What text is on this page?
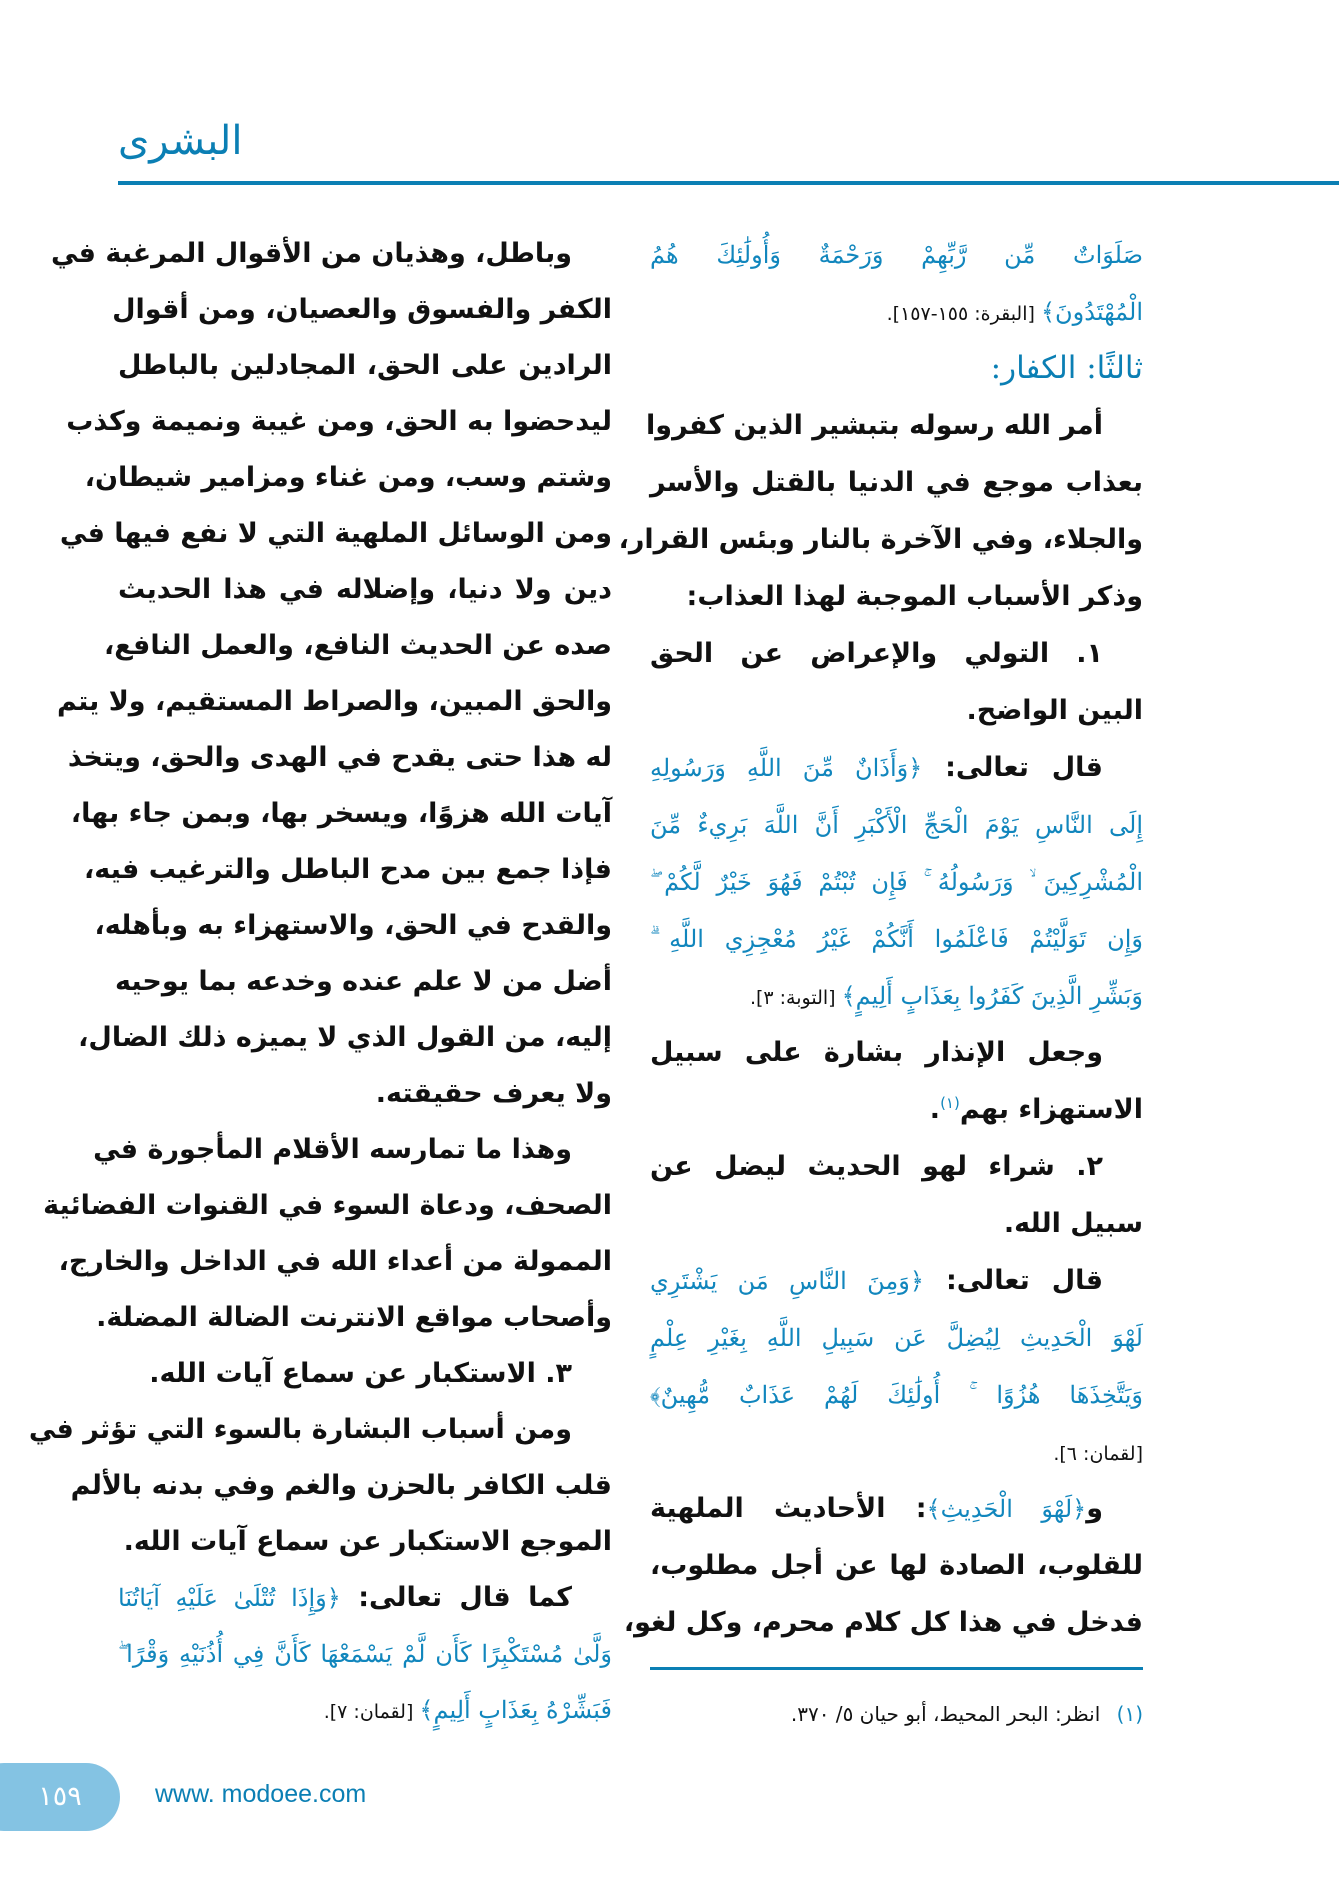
البشرى
صَلَوَاتٌ مِّن رَّبِّهِمْ وَرَحْمَةٌ وَأُولَٰئِكَ هُمُ
الْمُهْتَدُونَ﴾ [البقرة: ١٥٥-١٥٧].
ثالثًا: الكفار:
أمر الله رسوله بتبشير الذين كفروا
بعذاب موجع في الدنيا بالقتل والأسر
والجلاء، وفي الآخرة بالنار وبئس القرار،
وذكر الأسباب الموجبة لهذا العذاب:
١. التولي والإعراض عن الحق
البين الواضح.
قال تعالى: ﴿وَأَذَانٌ مِّنَ اللَّهِ وَرَسُولِهِ
إِلَى النَّاسِ يَوْمَ الْحَجِّ الْأَكْبَرِ أَنَّ اللَّهَ بَرِيءٌ مِّنَ
الْمُشْرِكِينَ ۙ وَرَسُولُهُ ۚ فَإِن تُبْتُمْ فَهُوَ خَيْرٌ لَّكُمْ ۖ
وَإِن تَوَلَّيْتُمْ فَاعْلَمُوا أَنَّكُمْ غَيْرُ مُعْجِزِي اللَّهِ ۗ
وَبَشِّرِ الَّذِينَ كَفَرُوا بِعَذَابٍ أَلِيمٍ﴾ [التوبة: ٣].
وجعل الإنذار بشارة على سبيل
الاستهزاء بهم$^{(١)}$.
٢. شراء لهو الحديث ليضل عن
سبيل الله.
قال تعالى: ﴿وَمِنَ النَّاسِ مَن يَشْتَرِي
لَهْوَ الْحَدِيثِ لِيُضِلَّ عَن سَبِيلِ اللَّهِ بِغَيْرِ عِلْمٍ
وَيَتَّخِذَهَا هُزُوًا ۚ أُولَٰئِكَ لَهُمْ عَذَابٌ مُّهِينٌ﴾
[لقمان: ٦].
و﴿لَهْوَ الْحَدِيثِ﴾: الأحاديث الملهية
للقلوب، الصادة لها عن أجل مطلوب،
فدخل في هذا كل كلام محرم، وكل لغو،
وباطل، وهذيان من الأقوال المرغبة في
الكفر والفسوق والعصيان، ومن أقوال
الرادين على الحق، المجادلين بالباطل
ليدحضوا به الحق، ومن غيبة ونميمة وكذب
وشتم وسب، ومن غناء ومزامير شيطان،
ومن الوسائل الملهية التي لا نفع فيها في
دين ولا دنيا، وإضلاله في هذا الحديث
صده عن الحديث النافع، والعمل النافع،
والحق المبين، والصراط المستقيم، ولا يتم
له هذا حتى يقدح في الهدى والحق، ويتخذ
آيات الله هزوًا، ويسخر بها، وبمن جاء بها،
فإذا جمع بين مدح الباطل والترغيب فيه،
والقدح في الحق، والاستهزاء به وبأهله،
أضل من لا علم عنده وخدعه بما يوحيه
إليه، من القول الذي لا يميزه ذلك الضال،
ولا يعرف حقيقته.
وهذا ما تمارسه الأقلام المأجورة في
الصحف، ودعاة السوء في القنوات الفضائية
الممولة من أعداء الله في الداخل والخارج،
وأصحاب مواقع الانترنت الضالة المضلة.
٣. الاستكبار عن سماع آيات الله.
ومن أسباب البشارة بالسوء التي تؤثر في
قلب الكافر بالحزن والغم وفي بدنه بالألم
الموجع الاستكبار عن سماع آيات الله.
كما قال تعالى: ﴿وَإِذَا تُتْلَىٰ عَلَيْهِ آيَاتُنَا
وَلَّىٰ مُسْتَكْبِرًا كَأَن لَّمْ يَسْمَعْهَا كَأَنَّ فِي أُذُنَيْهِ وَقْرًا ۖ
فَبَشِّرْهُ بِعَذَابٍ أَلِيمٍ﴾ [لقمان: ٧].	(١) انظر: البحر المحيط، أبو حيان ٥/ ٣٧٠.
١٥٩	www. modoee.com
